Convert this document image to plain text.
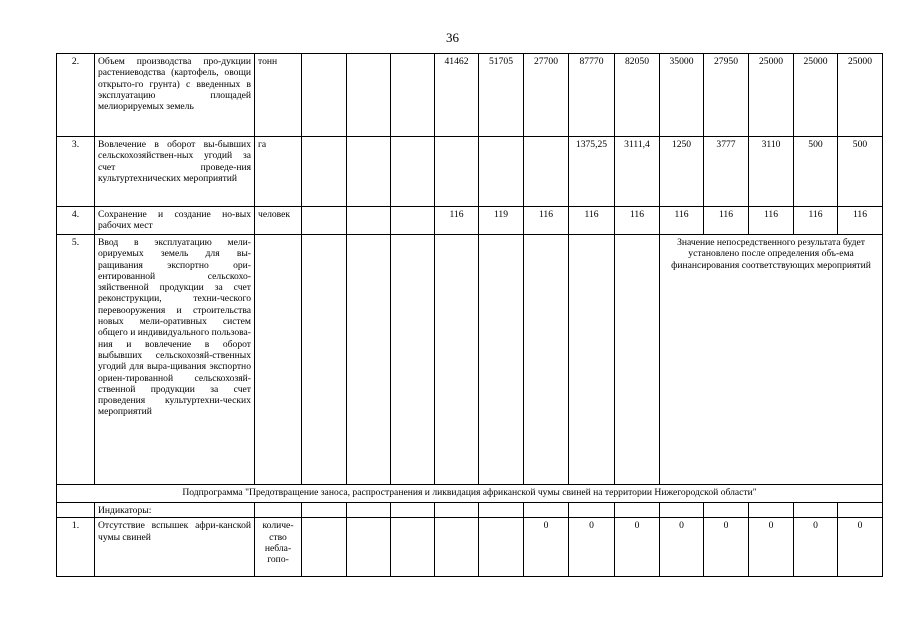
36
2.	Объем производства про-дукции растениеводства (картофель, овощи открыто-го грунта) с введенных в эксплуатацию площадей мелиорируемых земель	тонн				41462	51705	27700	87770	82050	35000	27950	25000	25000	25000
3.	Вовлечение в оборот вы-бывших сельскохозяйствен-ных угодий за счет проведе-ния культуртехнических мероприятий	га							1375,25	3111,4	1250	3777	3110	500	500
4.	Сохранение и создание но-вых рабочих мест	человек				116	119	116	116	116	116	116	116	116	116
5.	Ввод в эксплуатацию мели-орируемых земель для вы-ращивания экспортно ори-ентированной сельскохо-зяйственной продукции за счет реконструкции, техни-ческого перевооружения и строительства новых мели-оративных систем общего и индивидуального пользова-ния и вовлечение в оборот выбывших сельскохозяй-ственных угодий для выра-щивания экспортно ориен-тированной сельскохозяй-ственной продукции за счет проведения культуртехни-ческих мероприятий										Значение непосредственного результата будет установлено после определения объ-ема финансирования соответствующих мероприятий				
Подпрограмма "Предотвращение заноса, распространения и ликвидация африканской чумы свиней на территории Нижегородской области"															
	Индикаторы:														
1.	Отсутствие вспышек афри-канской чумы свиней	количе-ство небла-гопо-						0	0	0	0	0	0	0	0
